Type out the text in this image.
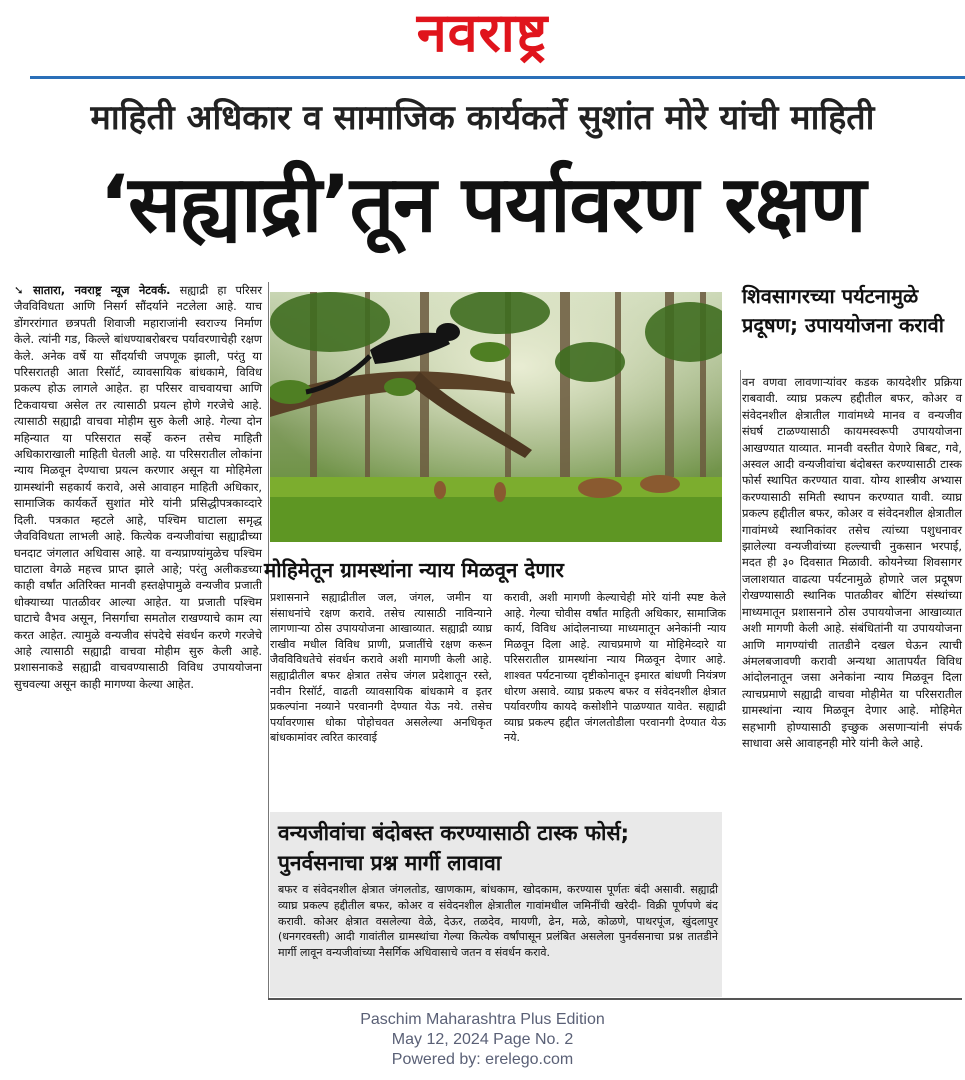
नवराष्ट्र
माहिती अधिकार व सामाजिक कार्यकर्ते सुशांत मोरे यांची माहिती
‘सह्याद्री’तून पर्यावरण रक्षण
➘ सातारा, नवराष्ट्र न्यूज नेटवर्क. सह्याद्री हा परिसर जैवविविधता आणि निसर्ग सौंदर्याने नटलेला आहे. याच डोंगररांगात छत्रपती शिवाजी महाराजांनी स्वराज्य निर्माण केले. त्यांनी गड, किल्ले बांधण्याबरोबरच पर्यावरणाचेही रक्षण केले. अनेक वर्षे या सौंदर्याची जपणूक झाली, परंतु या परिसरातही आता रिसॉर्ट, व्यावसायिक बांधकामे, विविध प्रकल्प होऊ लागले आहेत. हा परिसर वाचवायचा आणि टिकवायचा असेल तर त्यासाठी प्रयत्न होणे गरजेचे आहे. त्यासाठी सह्याद्री वाचवा मोहीम सुरु केली आहे. गेल्या दोन महिन्यात या परिसरात सर्व्हे करुन तसेच माहिती अधिकाराखाली माहिती घेतली आहे. या परिसरातील लोकांना न्याय मिळवून देण्याचा प्रयत्न करणार असून या मोहिमेला ग्रामस्थांनी सहकार्य करावे, असे आवाहन माहिती अधिकार, सामाजिक कार्यकर्ते सुशांत मोरे यांनी प्रसिद्धीपत्रकाव्दारे दिली. पत्रकात म्हटले आहे, पश्चिम घाटाला समृद्ध जैवविविधता लाभली आहे. कित्येक वन्यजीवांचा सह्याद्रीच्या घनदाट जंगलात अधिवास आहे. या वन्यप्राण्यांमुळेच पश्चिम घाटाला वेगळे महत्त्व प्राप्त झाले आहे; परंतु अलीकडच्या काही वर्षांत अतिरिक्त मानवी हस्तक्षेपामुळे वन्यजीव प्रजाती धोक्याच्या पातळीवर आल्या आहेत. या प्रजाती पश्चिम घाटाचे वैभव असून, निसर्गाचा समतोल राखण्याचे काम त्या करत आहेत. त्यामुळे वन्यजीव संपदेचे संवर्धन करणे गरजेचे आहे त्यासाठी सह्याद्री वाचवा मोहीम सुरु केली आहे. प्रशासनाकडे सह्याद्री वाचवण्यासाठी विविध उपाययोजना सुचवल्या असून काही मागण्या केल्या आहेत.
मोहिमेतून ग्रामस्थांना न्याय मिळवून देणार
प्रशासनाने सह्याद्रीतील जल, जंगल, जमीन या संसाधनांचे रक्षण करावे. तसेच त्यासाठी नाविन्याने लागणाऱ्या ठोस उपाययोजना आखाव्यात. सह्याद्री व्याघ्र राखीव मधील विविध प्राणी, प्रजातींचे रक्षण करून जैवविविधतेचे संवर्धन करावे अशी मागणी केली आहे. सह्याद्रीतील बफर क्षेत्रात तसेच जंगल प्रदेशातून रस्ते, नवीन रिसॉर्ट, वाढती व्यावसायिक बांधकामे व इतर प्रकल्पांना नव्याने परवानगी देण्यात येऊ नये. तसेच पर्यावरणास धोका पोहोचवत असलेल्या अनधिकृत बांधकामांवर त्वरित कारवाई
करावी, अशी मागणी केल्याचेही मोरे यांनी स्पष्ट केले आहे. गेल्या चोवीस वर्षांत माहिती अधिकार, सामाजिक कार्य, विविध आंदोलनाच्या माध्यमातून अनेकांनी न्याय मिळवून दिला आहे. त्याचप्रमाणे या मोहिमेव्दारे या परिसरातील ग्रामस्थांना न्याय मिळवून देणार आहे. शाश्वत पर्यटनाच्या दृष्टीकोनातून इमारत बांधणी नियंत्रण धोरण असावे. व्याघ्र प्रकल्प बफर व संवेदनशील क्षेत्रात पर्यावरणीय कायदे कसोशीने पाळण्यात यावेत. सह्याद्री व्याघ्र प्रकल्प हद्दीत जंगलतोडीला परवानगी देण्यात येऊ नये.
वन्यजीवांचा बंदोबस्त करण्यासाठी टास्क फोर्स; पुनर्वसनाचा प्रश्न मार्गी लावावा
बफर व संवेदनशील क्षेत्रात जंगलतोड, खाणकाम, बांधकाम, खोदकाम, करण्यास पूर्णतः बंदी असावी. सह्याद्री व्याघ्र प्रकल्प हद्दीतील बफर, कोअर व संवेदनशील क्षेत्रातील गावांमधील जमिनींची खरेदी- विक्री पूर्णपणे बंद करावी. कोअर क्षेत्रात वसलेल्या वेळे, देऊर, तळदेव, मायणी, ढेन, मळे, कोळणे, पाथरपूंज, खुंदलापुर (धनगरवस्ती) आदी गावांतील ग्रामस्थांचा गेल्या कित्येक वर्षांपासून प्रलंबित असलेला पुनर्वसनाचा प्रश्न तातडीने मार्गी लावून वन्यजीवांच्या नैसर्गिक अधिवासाचे जतन व संवर्धन करावे.
शिवसागरच्या पर्यटनामुळे प्रदूषण; उपाययोजना करावी
वन वणवा लावणाऱ्यांवर कडक कायदेशीर प्रक्रिया राबवावी. व्याघ्र प्रकल्प हद्दीतील बफर, कोअर व संवेदनशील क्षेत्रातील गावांमध्ये मानव व वन्यजीव संघर्ष टाळण्यासाठी कायमस्वरूपी उपाययोजना आखण्यात याव्यात. मानवी वस्तीत येणारे बिबट, गवे, अस्वल आदी वन्यजीवांचा बंदोबस्त करण्यासाठी टास्क फोर्स स्थापित करण्यात यावा. योग्य शास्त्रीय अभ्यास करण्यासाठी समिती स्थापन करण्यात यावी. व्याघ्र प्रकल्प हद्दीतील बफर, कोअर व संवेदनशील क्षेत्रातील गावांमध्ये स्थानिकांवर तसेच त्यांच्या पशुधनावर झालेल्या वन्यजीवांच्या हल्ल्याची नुकसान भरपाई, मदत ही ३० दिवसात मिळावी. कोयनेच्या शिवसागर जलाशयात वाढत्या पर्यटनामुळे होणारे जल प्रदूषण रोखण्यासाठी स्थानिक पातळीवर बोटिंग संस्थांच्या माध्यमातून प्रशासनाने ठोस उपाययोजना आखाव्यात अशी मागणी केली आहे. संबंधितांनी या उपाययोजना आणि मागण्यांची तातडीने दखल घेऊन त्याची अंमलबजावणी करावी अन्यथा आतापर्यंत विविध आंदोलनातून जसा अनेकांना न्याय मिळवून दिला त्याचप्रमाणे सह्याद्री वाचवा मोहीमेत या परिसरातील ग्रामस्थांना न्याय मिळवून देणार आहे. मोहिमेत सहभागी होण्यासाठी इच्छुक असणाऱ्यांनी संपर्क साधावा असे आवाहनही मोरे यांनी केले आहे.
Paschim Maharashtra Plus Edition
May 12, 2024 Page No. 2
Powered by: erelego.com
